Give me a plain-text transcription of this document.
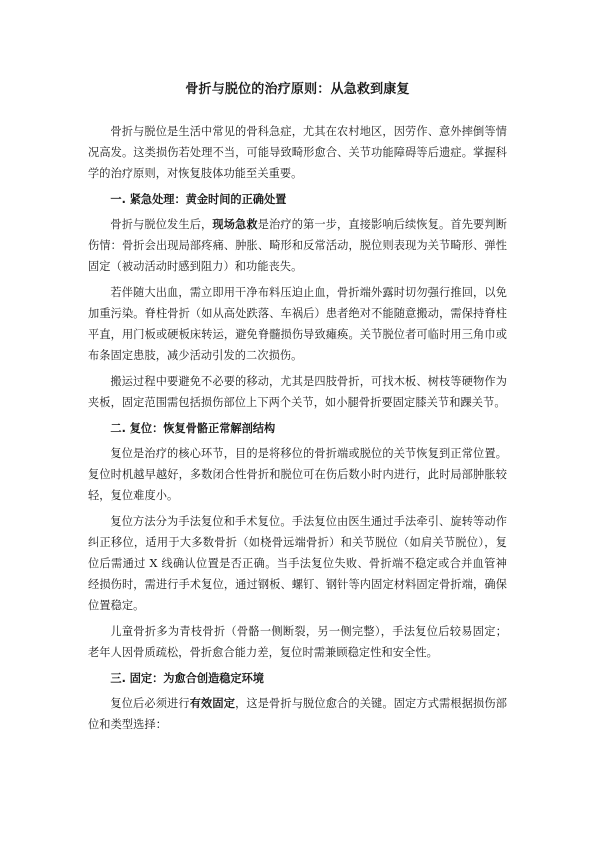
骨折与脱位的治疗原则：从急救到康复

骨折与脱位是生活中常见的骨科急症，尤其在农村地区，因劳作、意外摔倒等情况高发。这类损伤若处理不当，可能导致畸形愈合、关节功能障碍等后遗症。掌握科学的治疗原则，对恢复肢体功能至关重要。

一. 紧急处理：黄金时间的正确处置

骨折与脱位发生后，现场急救是治疗的第一步，直接影响后续恢复。首先要判断伤情：骨折会出现局部疼痛、肿胀、畸形和反常活动，脱位则表现为关节畸形、弹性固定（被动活动时感到阻力）和功能丧失。

若伴随大出血，需立即用干净布料压迫止血，骨折端外露时切勿强行推回，以免加重污染。脊柱骨折（如从高处跌落、车祸后）患者绝对不能随意搬动，需保持脊柱平直，用门板或硬板床转运，避免脊髓损伤导致瘫痪。关节脱位者可临时用三角巾或布条固定患肢，减少活动引发的二次损伤。

搬运过程中要避免不必要的移动，尤其是四肢骨折，可找木板、树枝等硬物作为夹板，固定范围需包括损伤部位上下两个关节，如小腿骨折要固定膝关节和踝关节。

二. 复位：恢复骨骼正常解剖结构

复位是治疗的核心环节，目的是将移位的骨折端或脱位的关节恢复到正常位置。复位时机越早越好，多数闭合性骨折和脱位可在伤后数小时内进行，此时局部肿胀较轻，复位难度小。

复位方法分为手法复位和手术复位。手法复位由医生通过手法牵引、旋转等动作纠正移位，适用于大多数骨折（如桡骨远端骨折）和关节脱位（如肩关节脱位），复位后需通过 X 线确认位置是否正确。当手法复位失败、骨折端不稳定或合并血管神经损伤时，需进行手术复位，通过钢板、螺钉、钢针等内固定材料固定骨折端，确保位置稳定。

儿童骨折多为青枝骨折（骨骼一侧断裂，另一侧完整），手法复位后较易固定；老年人因骨质疏松，骨折愈合能力差，复位时需兼顾稳定性和安全性。

三. 固定：为愈合创造稳定环境

复位后必须进行有效固定，这是骨折与脱位愈合的关键。固定方式需根据损伤部位和类型选择：
